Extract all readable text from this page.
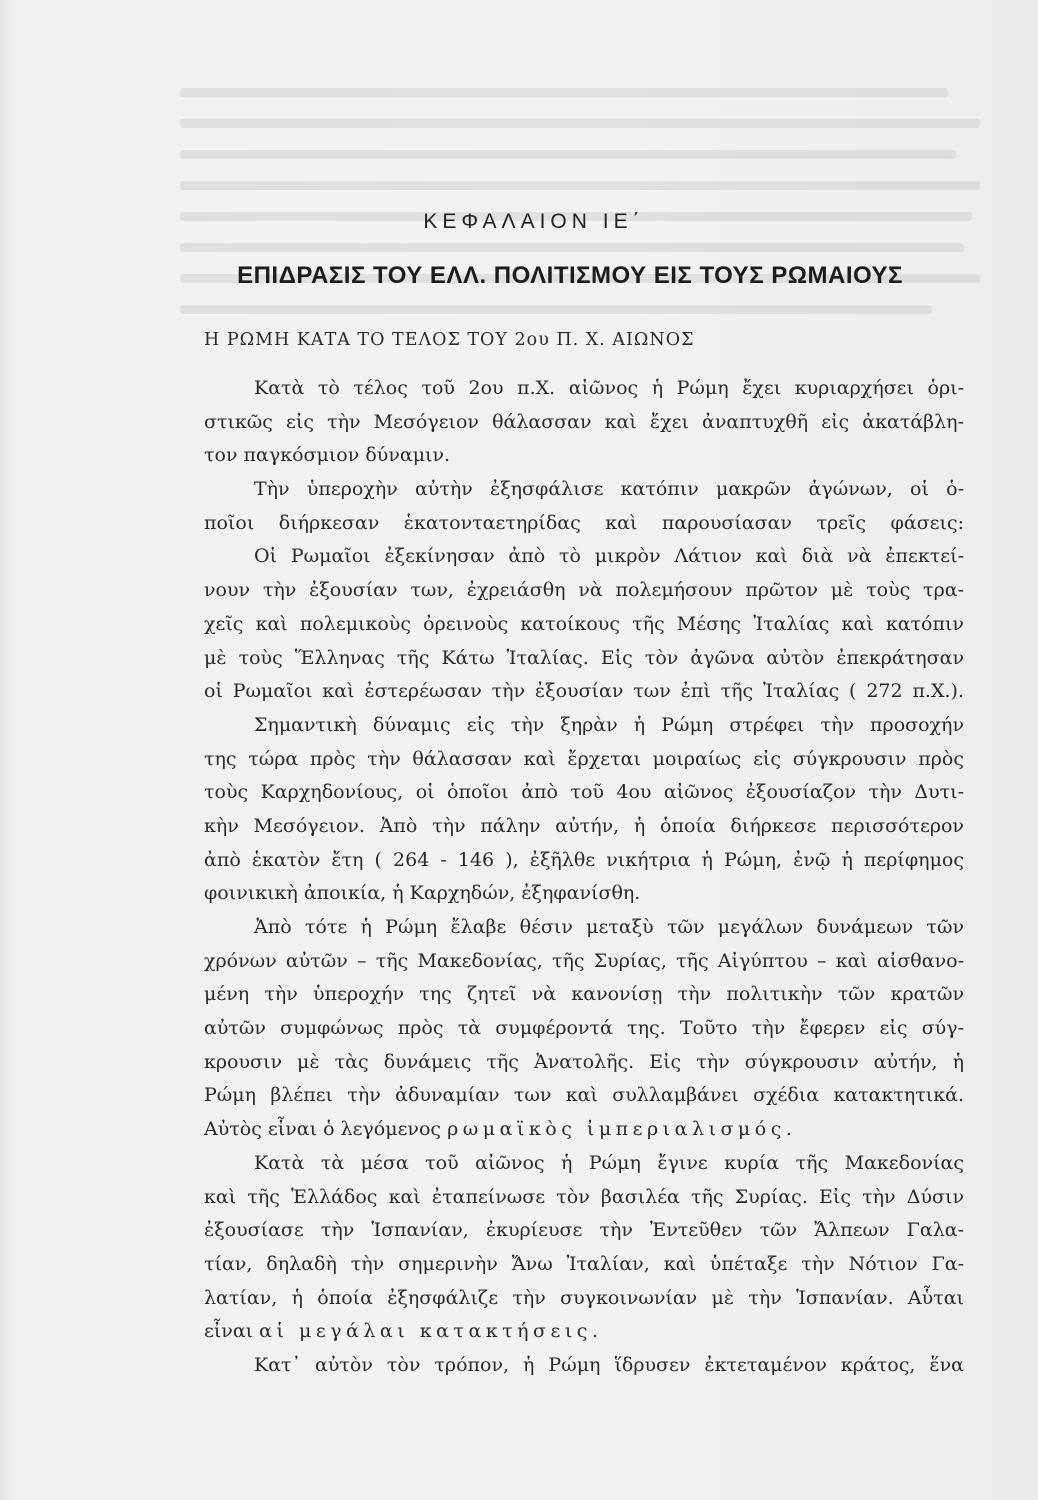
ΚΕΦΑΛΑΙΟΝ ΙΕ΄
ΕΠΙΔΡΑΣΙΣ ΤΟΥ ΕΛΛ. ΠΟΛΙΤΙΣΜΟΥ ΕΙΣ ΤΟΥΣ ΡΩΜΑΙΟΥΣ
Η ΡΩΜΗ ΚΑΤΑ ΤΟ ΤΕΛΟΣ ΤΟΥ 2ου Π. Χ. ΑΙΩΝΟΣ
Κατὰ τὸ τέλος τοῦ 2ου π.Χ. αἰῶνος ἡ Ρώμη ἔχει κυριαρχήσει ὁρι-
στικῶς εἰς τὴν Μεσόγειον θάλασσαν καὶ ἔχει ἀναπτυχθῆ εἰς ἀκατάβλη-
τον παγκόσμιον δύναμιν.
Τὴν ὑπεροχὴν αὐτὴν ἐξησφάλισε κατόπιν μακρῶν ἀγώνων, οἱ ὁ-
ποῖοι διήρκεσαν ἑκατονταετηρίδας καὶ παρουσίασαν τρεῖς φάσεις:
Οἱ Ρωμαῖοι ἐξεκίνησαν ἀπὸ τὸ μικρὸν Λάτιον καὶ διὰ νὰ ἐπεκτεί-
νουν τὴν ἐξουσίαν των, ἐχρειάσθη νὰ πολεμήσουν πρῶτον μὲ τοὺς τρα-
χεῖς καὶ πολεμικοὺς ὀρεινοὺς κατοίκους τῆς Μέσης Ἰταλίας καὶ κατόπιν
μὲ τοὺς Ἕλληνας τῆς Κάτω Ἰταλίας. Εἰς τὸν ἀγῶνα αὐτὸν ἐπεκράτησαν
οἱ Ρωμαῖοι καὶ ἐστερέωσαν τὴν ἐξουσίαν των ἐπὶ τῆς Ἰταλίας ( 272 π.Χ.).
Σημαντικὴ δύναμις εἰς τὴν ξηρὰν ἡ Ρώμη στρέφει τὴν προσοχήν
της τώρα πρὸς τὴν θάλασσαν καὶ ἔρχεται μοιραίως εἰς σύγκρουσιν πρὸς
τοὺς Καρχηδονίους, οἱ ὁποῖοι ἀπὸ τοῦ 4ου αἰῶνος ἐξουσίαζον τὴν Δυτι-
κὴν Μεσόγειον. Ἀπὸ τὴν πάλην αὐτήν, ἡ ὁποία διήρκεσε περισσότερον
ἀπὸ ἑκατὸν ἔτη ( 264 - 146 ), ἐξῆλθε νικήτρια ἡ Ρώμη, ἐνῷ ἡ περίφημος
φοινικικὴ ἀποικία, ἡ Καρχηδών, ἐξηφανίσθη.
Ἀπὸ τότε ἡ Ρώμη ἔλαβε θέσιν μεταξὺ τῶν μεγάλων δυνάμεων τῶν
χρόνων αὐτῶν – τῆς Μακεδονίας, τῆς Συρίας, τῆς Αἰγύπτου – καὶ αἰσθανο-
μένη τὴν ὑπεροχήν της ζητεῖ νὰ κανονίσῃ τὴν πολιτικὴν τῶν κρατῶν
αὐτῶν συμφώνως πρὸς τὰ συμφέροντά της. Τοῦτο τὴν ἔφερεν εἰς σύγ-
κρουσιν μὲ τὰς δυνάμεις τῆς Ἀνατολῆς. Εἰς τὴν σύγκρουσιν αὐτήν, ἡ
Ρώμη βλέπει τὴν ἀδυναμίαν των καὶ συλλαμβάνει σχέδια κατακτητικά.
Αὐτὸς εἶναι ὁ λεγόμενος ρωμαϊκὸς ἰμπεριαλισμός.
Κατὰ τὰ μέσα τοῦ αἰῶνος ἡ Ρώμη ἔγινε κυρία τῆς Μακεδονίας
καὶ τῆς Ἑλλάδος καὶ ἐταπείνωσε τὸν βασιλέα τῆς Συρίας. Εἰς τὴν Δύσιν
ἐξουσίασε τὴν Ἱσπανίαν, ἐκυρίευσε τὴν Ἐντεῦθεν τῶν Ἄλπεων Γαλα-
τίαν, δηλαδὴ τὴν σημερινὴν Ἄνω Ἰταλίαν, καὶ ὑπέταξε τὴν Νότιον Γα-
λατίαν, ἡ ὁποία ἐξησφάλιζε τὴν συγκοινωνίαν μὲ τὴν Ἱσπανίαν. Αὗται
εἶναι αἱ μεγάλαι κατακτήσεις.
Κατ᾽ αὐτὸν τὸν τρόπον, ἡ Ρώμη ἵδρυσεν ἐκτεταμένον κράτος, ἕνα
